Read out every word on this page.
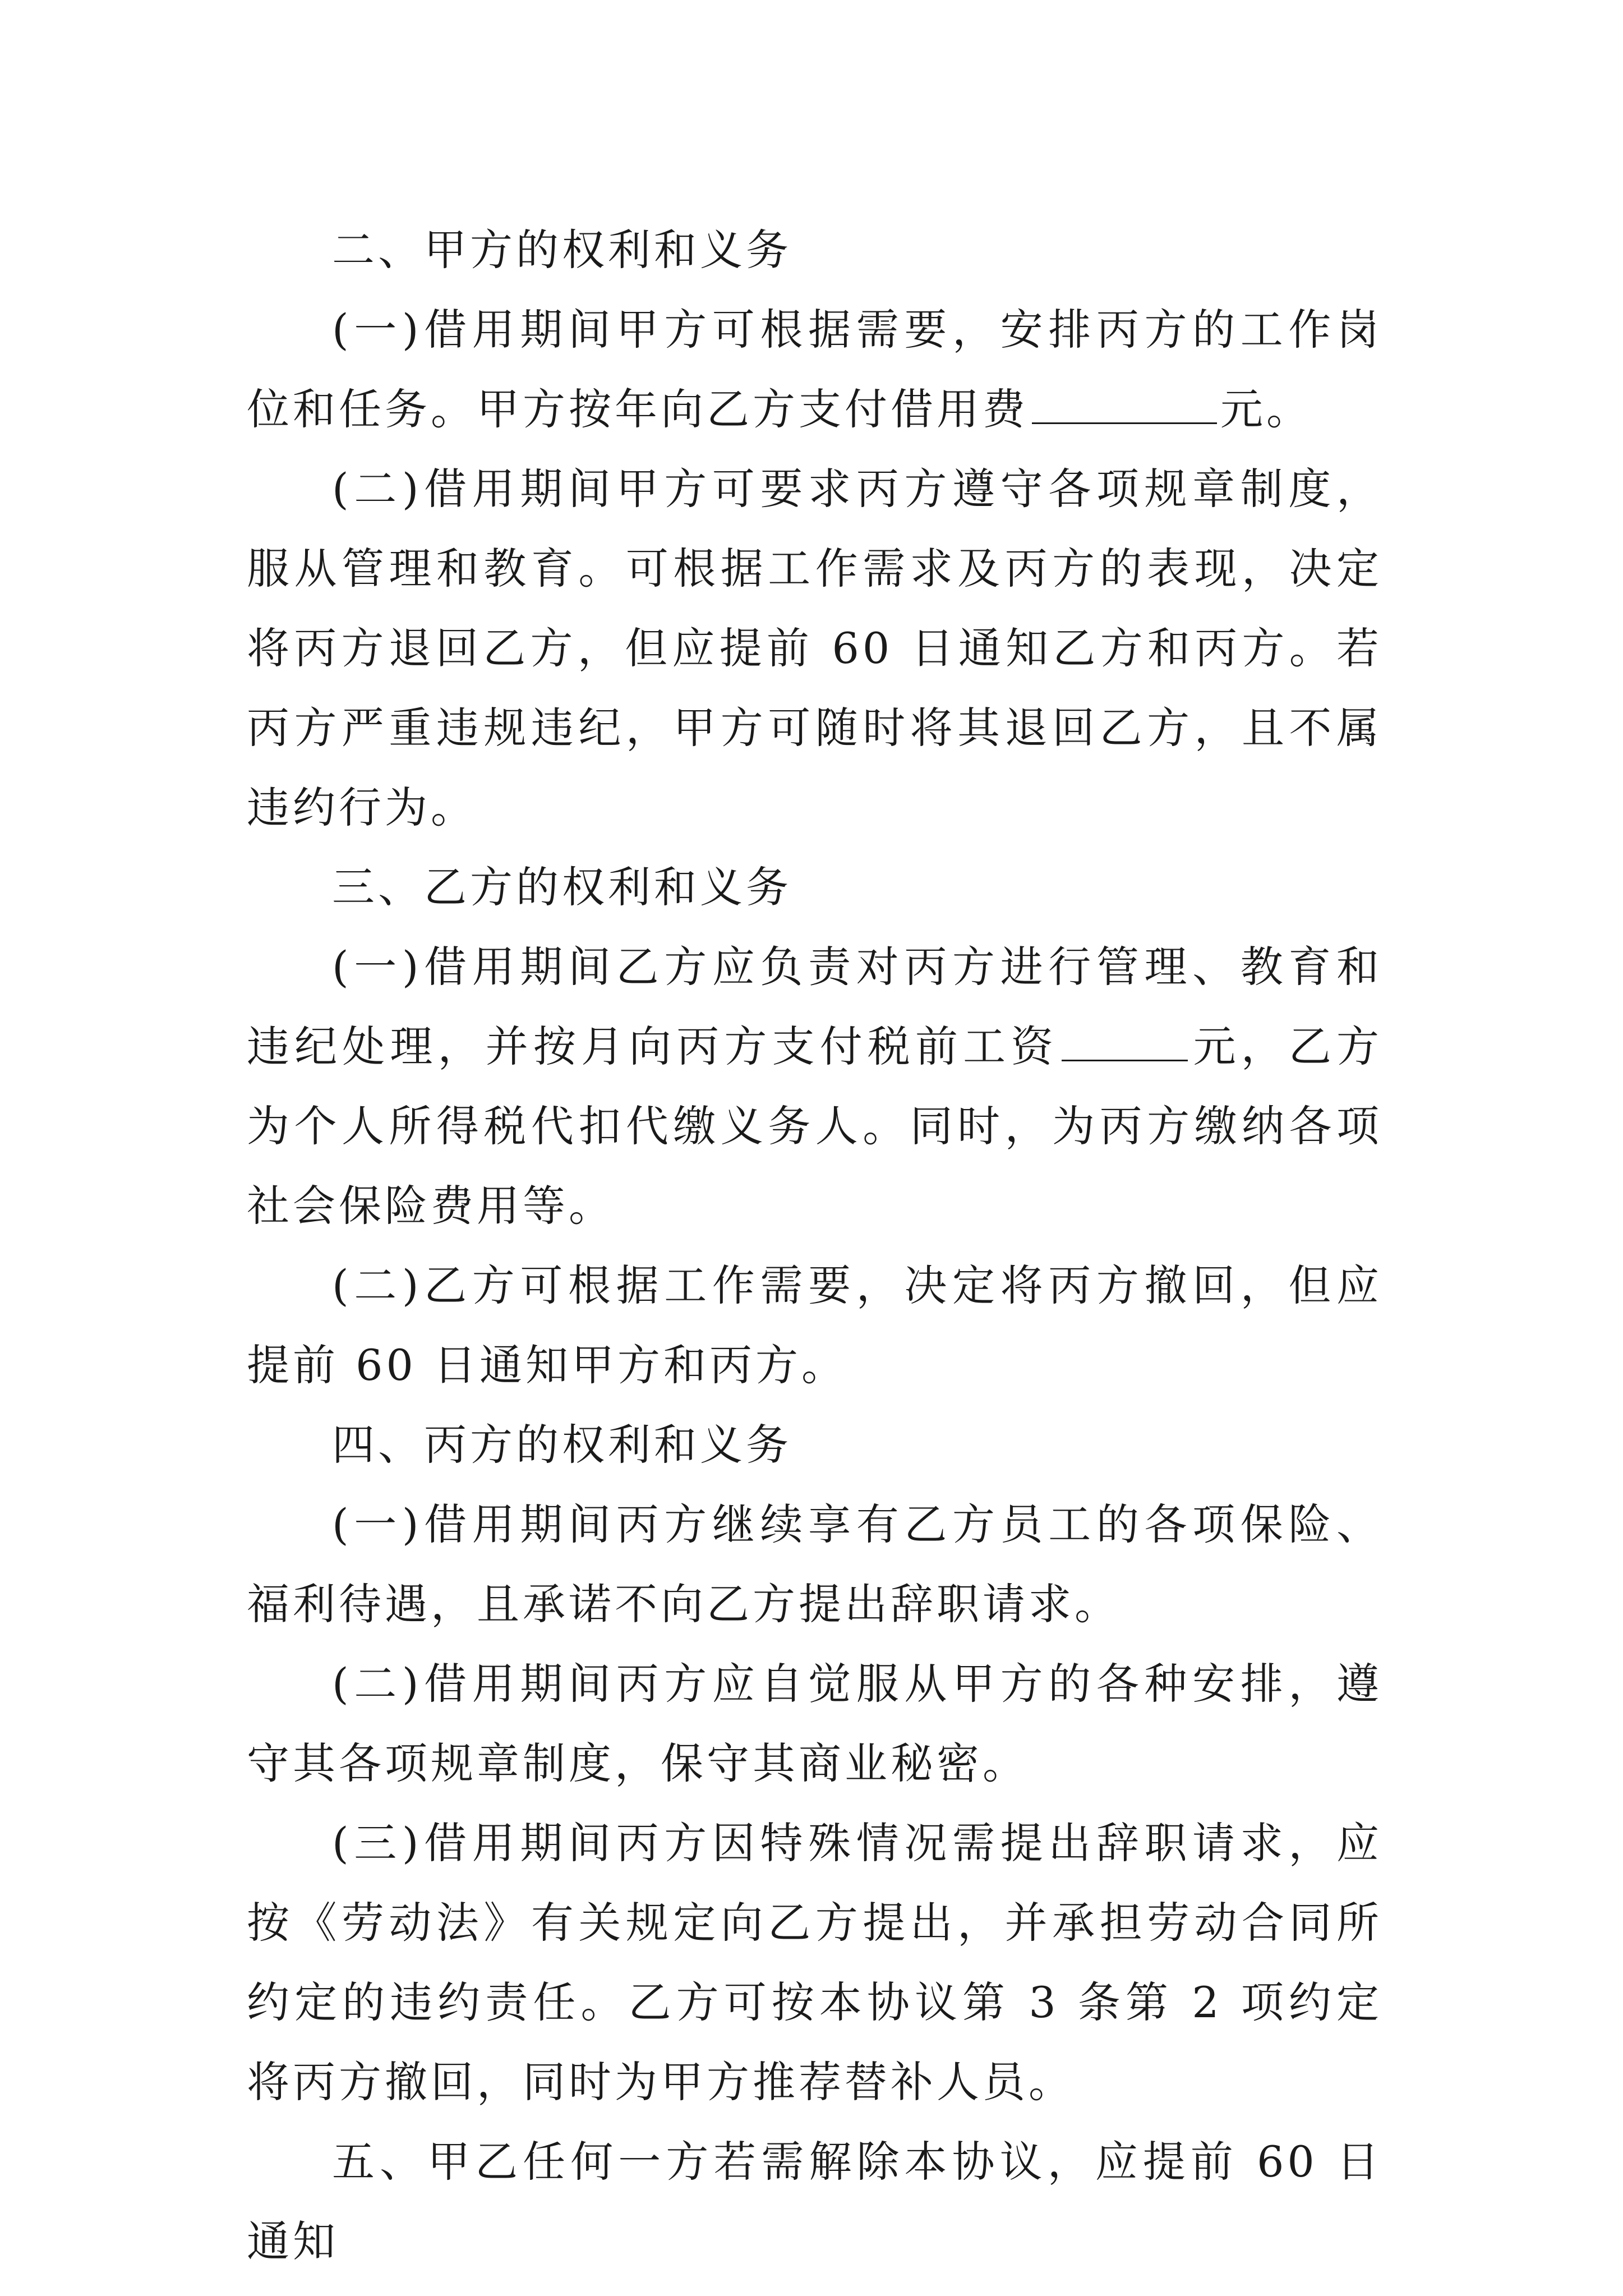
二、甲方的权利和义务

(一)借用期间甲方可根据需要，安排丙方的工作岗位和任务。甲方按年向乙方支付借用费	元。

(二)借用期间甲方可要求丙方遵守各项规章制度，服从管理和教育。可根据工作需求及丙方的表现，决定将丙方退回乙方，但应提前 60 日通知乙方和丙方。若丙方严重违规违纪，甲方可随时将其退回乙方，且不属违约行为。

三、乙方的权利和义务

(一)借用期间乙方应负责对丙方进行管理、教育和违纪处理，并按月向丙方支付税前工资	元，乙方为个人所得税代扣代缴义务人。同时，为丙方缴纳各项社会保险费用等。

(二)乙方可根据工作需要，决定将丙方撤回，但应提前 60 日通知甲方和丙方。

四、丙方的权利和义务

(一)借用期间丙方继续享有乙方员工的各项保险、福利待遇，且承诺不向乙方提出辞职请求。

(二)借用期间丙方应自觉服从甲方的各种安排，遵守其各项规章制度，保守其商业秘密。

(三)借用期间丙方因特殊情况需提出辞职请求，应按《劳动法》有关规定向乙方提出，并承担劳动合同所约定的违约责任。乙方可按本协议第 3 条第 2 项约定将丙方撤回，同时为甲方推荐替补人员。

五、甲乙任何一方若需解除本协议，应提前 60 日通知
